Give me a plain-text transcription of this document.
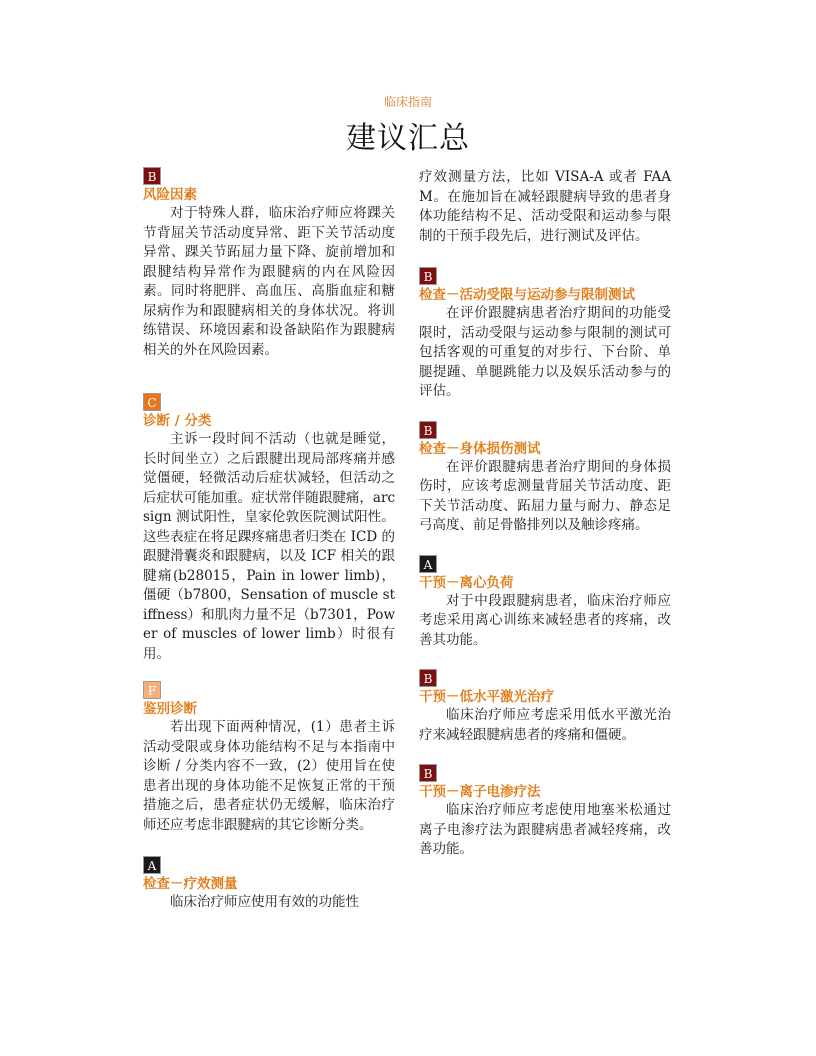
临床指南
建议汇总
B
风险因素

对于特殊人群，临床治疗师应将踝关节背屈关节活动度异常、距下关节活动度异常、踝关节跖屈力量下降、旋前增加和跟腱结构异常作为跟腱病的内在风险因素。同时将肥胖、高血压、高脂血症和糖尿病作为和跟腱病相关的身体状况。将训练错误、环境因素和设备缺陷作为跟腱病相关的外在风险因素。

C
诊断 / 分类

主诉一段时间不活动（也就是睡觉，长时间坐立）之后跟腱出现局部疼痛并感觉僵硬，轻微活动后症状减轻，但活动之后症状可能加重。症状常伴随跟腱痛，arc sign 测试阳性，皇家伦敦医院测试阳性。这些表症在将足踝疼痛患者归类在 ICD 的跟腱滑囊炎和跟腱病，以及 ICF 相关的跟腱痛(b28015，Pain in lower limb)，僵硬（b7800，Sensation of muscle stiffness）和肌肉力量不足（b7301，Power of muscles of lower limb）时很有用。

F
鉴别诊断

若出现下面两种情况，(1）患者主诉活动受限或身体功能结构不足与本指南中诊断 / 分类内容不一致，(2）使用旨在使患者出现的身体功能不足恢复正常的干预措施之后，患者症状仍无缓解，临床治疗师还应考虑非跟腱病的其它诊断分类。

A
检查－疗效测量

临床治疗师应使用有效的功能性

疗效测量方法，比如 VISA-A 或者 FAAM。在施加旨在减轻跟腱病导致的患者身体功能结构不足、活动受限和运动参与限制的干预手段先后，进行测试及评估。

B
检查－活动受限与运动参与限制测试

在评价跟腱病患者治疗期间的功能受限时，活动受限与运动参与限制的测试可包括客观的可重复的对步行、下台阶、单腿提踵、单腿跳能力以及娱乐活动参与的评估。

B
检查－身体损伤测试

在评价跟腱病患者治疗期间的身体损伤时，应该考虑测量背屈关节活动度、距下关节活动度、跖屈力量与耐力、静态足弓高度、前足骨骼排列以及触诊疼痛。

A
干预－离心负荷

对于中段跟腱病患者，临床治疗师应考虑采用离心训练来减轻患者的疼痛，改善其功能。

B
干预－低水平激光治疗

临床治疗师应考虑采用低水平激光治疗来减轻跟腱病患者的疼痛和僵硬。

B
干预－离子电渗疗法

临床治疗师应考虑使用地塞米松通过离子电渗疗法为跟腱病患者减轻疼痛，改善功能。
